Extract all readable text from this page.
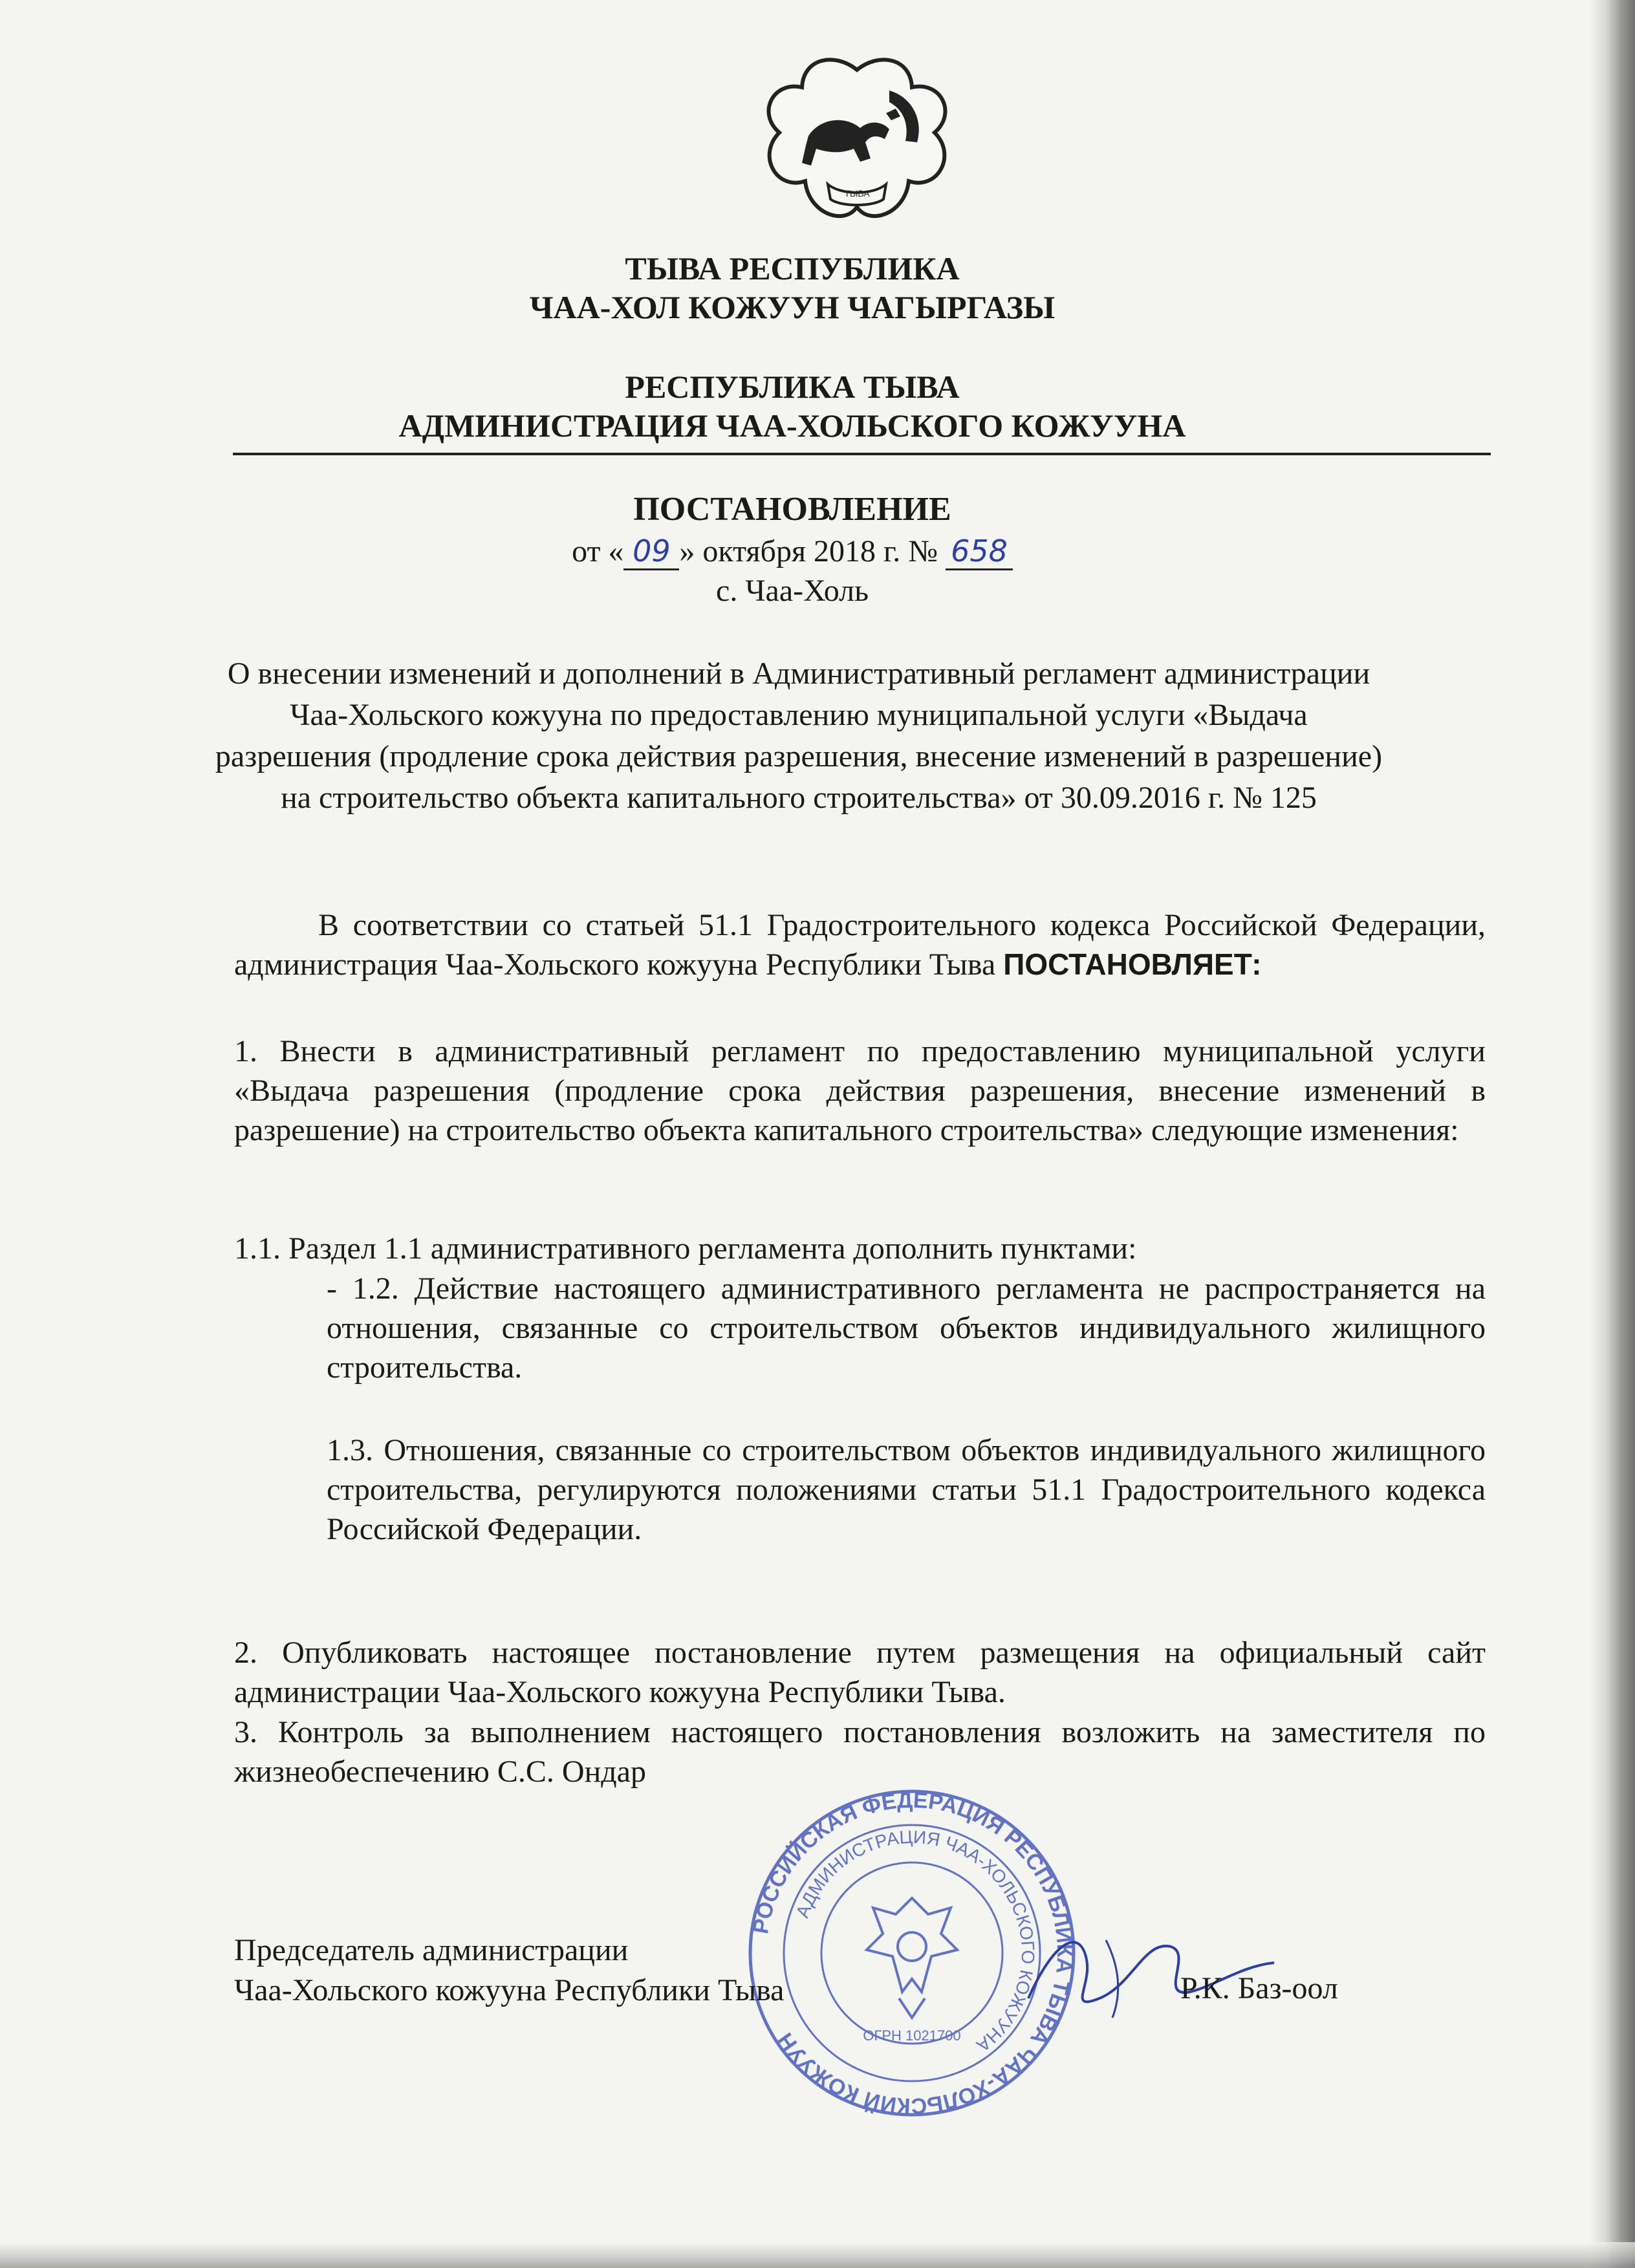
ТЫВА
ТЫВА РЕСПУБЛИКА
ЧАА-ХОЛ КОЖУУН ЧАГЫРГАЗЫ
РЕСПУБЛИКА ТЫВА
АДМИНИСТРАЦИЯ ЧАА-ХОЛЬСКОГО КОЖУУНА
ПОСТАНОВЛЕНИЕ
от « 09 » октября 2018 г. № 658
с. Чаа-Холь
О внесении изменений и дополнений в Административный регламент администрации Чаа-Хольского кожууна по предоставлению муниципальной услуги «Выдача разрешения (продление срока действия разрешения, внесение изменений в разрешение) на строительство объекта капитального строительства» от 30.09.2016 г. № 125
В соответствии со статьей 51.1 Градостроительного кодекса Российской Федерации, администрация Чаа-Хольского кожууна Республики Тыва ПОСТАНОВЛЯЕТ:
1. Внести в административный регламент по предоставлению муниципальной услуги «Выдача разрешения (продление срока действия разрешения, внесение изменений в разрешение) на строительство объекта капитального строительства» следующие изменения:
1.1. Раздел 1.1 административного регламента дополнить пунктами:
- 1.2. Действие настоящего административного регламента не распространяется на отношения, связанные со строительством объектов индивидуального жилищного строительства.
1.3. Отношения, связанные со строительством объектов индивидуального жилищного строительства, регулируются положениями статьи 51.1 Градостроительного кодекса Российской Федерации.
2. Опубликовать настоящее постановление путем размещения на официальный сайт администрации Чаа-Хольского кожууна Республики Тыва.
3. Контроль за выполнением настоящего постановления возложить на заместителя по жизнеобеспечению С.С. Ондар
РОССИЙСКАЯ ФЕДЕРАЦИЯ РЕСПУБЛИКА ТЫВА ЧАА-ХОЛЬСКИЙ КОЖУУН
АДМИНИСТРАЦИЯ ЧАА-ХОЛЬСКОГО КОЖУУНА
ОГРН 1021700
Председатель администрации
Чаа-Хольского кожууна Республики Тыва	Р.К. Баз-оол
